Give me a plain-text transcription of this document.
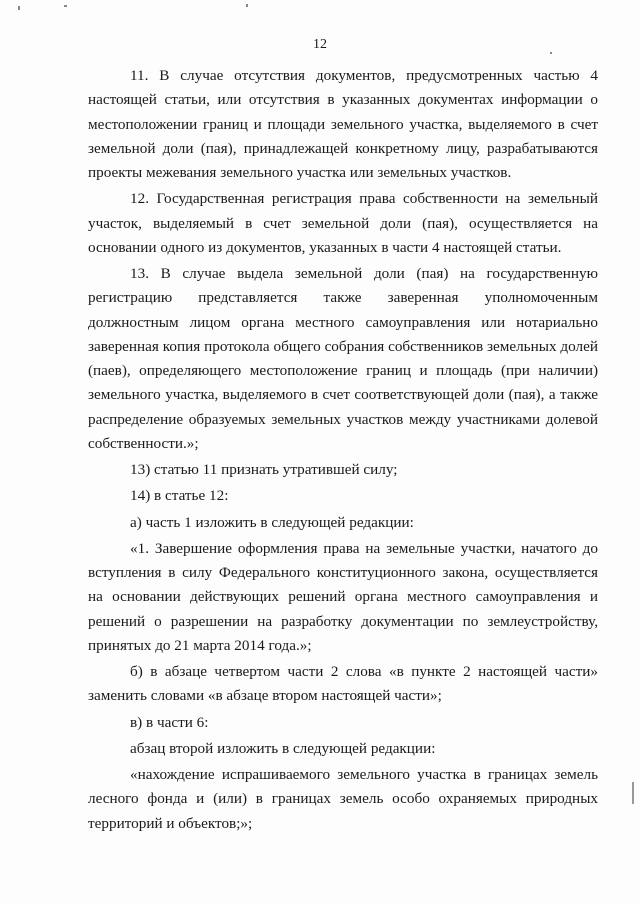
12

11. В случае отсутствия документов, предусмотренных частью 4 настоящей статьи, или отсутствия в указанных документах информации о местоположении границ и площади земельного участка, выделяемого в счет земельной доли (пая), принадлежащей конкретному лицу, разрабатываются проекты межевания земельного участка или земельных участков.

12. Государственная регистрация права собственности на земельный участок, выделяемый в счет земельной доли (пая), осуществляется на основании одного из документов, указанных в части 4 настоящей статьи.

13. В случае выдела земельной доли (пая) на государственную регистрацию представляется также заверенная уполномоченным должностным лицом органа местного самоуправления или нотариально заверенная копия протокола общего собрания собственников земельных долей (паев), определяющего местоположение границ и площадь (при наличии) земельного участка, выделяемого в счет соответствующей доли (пая), а также распределение образуемых земельных участков между участниками долевой собственности.»;

13) статью 11 признать утратившей силу;

14) в статье 12:

а) часть 1 изложить в следующей редакции:

«1. Завершение оформления права на земельные участки, начатого до вступления в силу Федерального конституционного закона, осуществляется на основании действующих решений органа местного самоуправления и решений о разрешении на разработку документации по землеустройству, принятых до 21 марта 2014 года.»;

б) в абзаце четвертом части 2 слова «в пункте 2 настоящей части» заменить словами «в абзаце втором настоящей части»;

в) в части 6:

абзац второй изложить в следующей редакции:

«нахождение испрашиваемого земельного участка в границах земель лесного фонда и (или) в границах земель особо охраняемых природных территорий и объектов;»;
